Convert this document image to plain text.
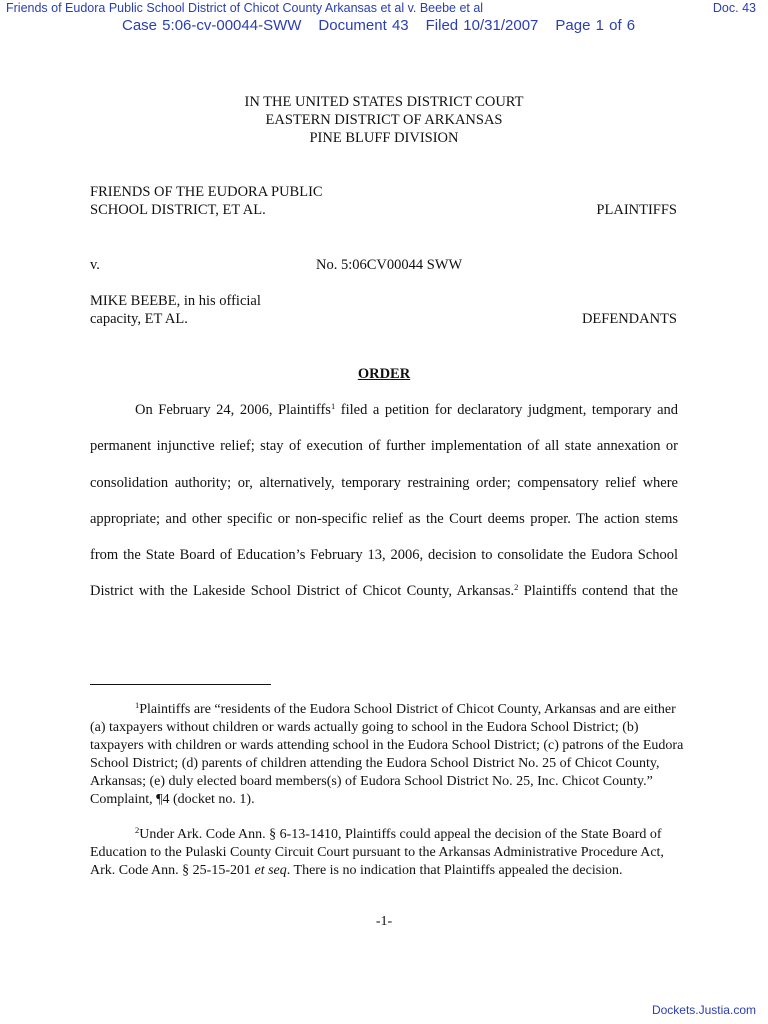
Friends of Eudora Public School District of Chicot County Arkansas et al v. Beebe et al	Doc. 43
Case 5:06-cv-00044-SWW Document 43 Filed 10/31/2007 Page 1 of 6
IN THE UNITED STATES DISTRICT COURT
EASTERN DISTRICT OF ARKANSAS
PINE BLUFF DIVISION
FRIENDS OF THE EUDORA PUBLIC
SCHOOL DISTRICT, ET AL.	PLAINTIFFS
v.	No. 5:06CV00044 SWW
MIKE BEEBE, in his official
capacity, ET AL.	DEFENDANTS
ORDER
On February 24, 2006, Plaintiffs$^1$ filed a petition for declaratory judgment, temporary and
permanent injunctive relief; stay of execution of further implementation of all state annexation or
consolidation authority; or, alternatively, temporary restraining order; compensatory relief where
appropriate; and other specific or non-specific relief as the Court deems proper. The action stems
from the State Board of Education’s February 13, 2006, decision to consolidate the Eudora School
District with the Lakeside School District of Chicot County, Arkansas.$^2$ Plaintiffs contend that the
$^1$Plaintiffs are “residents of the Eudora School District of Chicot County, Arkansas and are either (a) taxpayers without children or wards actually going to school in the Eudora School District; (b) taxpayers with children or wards attending school in the Eudora School District; (c) patrons of the Eudora School District; (d) parents of children attending the Eudora School District No. 25 of Chicot County, Arkansas; (e) duly elected board members(s) of Eudora School District No. 25, Inc. Chicot County.” Complaint, ¶4 (docket no. 1).
$^2$Under Ark. Code Ann. § 6-13-1410, Plaintiffs could appeal the decision of the State Board of Education to the Pulaski County Circuit Court pursuant to the Arkansas Administrative Procedure Act, Ark. Code Ann. § 25-15-201 et seq. There is no indication that Plaintiffs appealed the decision.
-1-
Dockets.Justia.com
